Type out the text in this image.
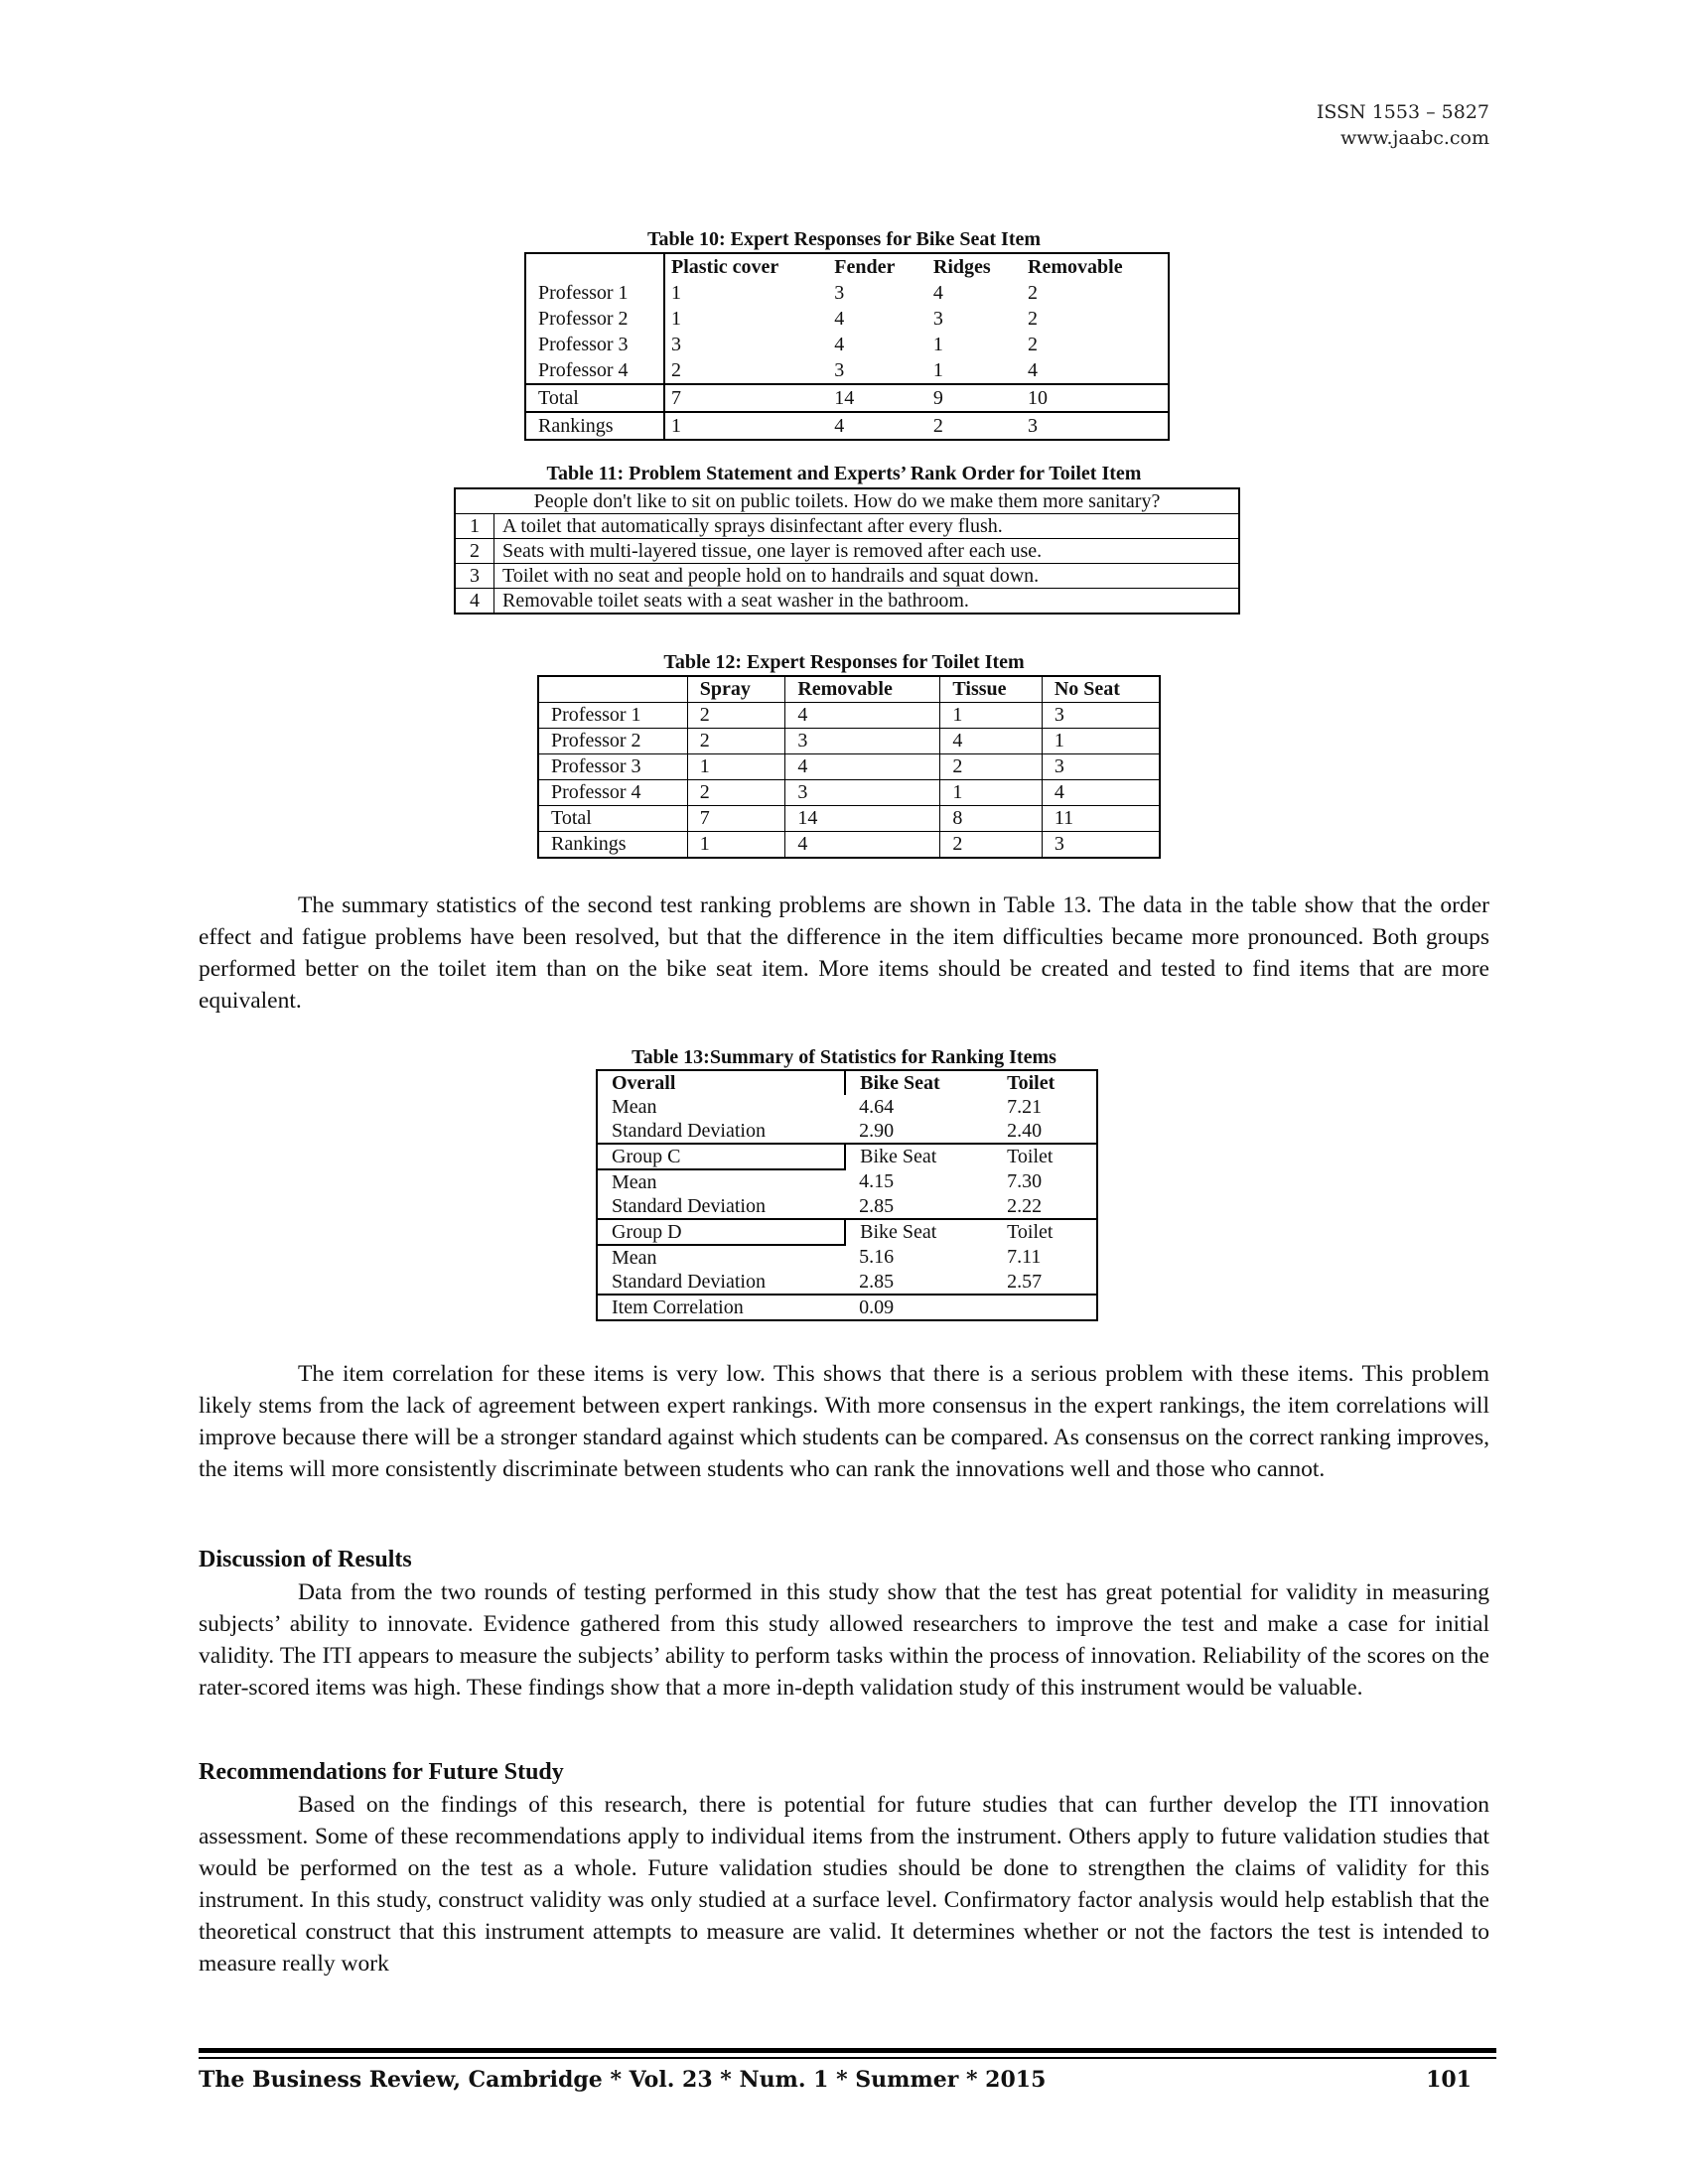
ISSN 1553 – 5827
www.jaabc.com
Table 10: Expert Responses for Bike Seat Item
	Plastic cover	Fender	Ridges	Removable
Professor 1	1	3	4	2
Professor 2	1	4	3	2
Professor 3	3	4	1	2
Professor 4	2	3	1	4
Total	7	14	9	10
Rankings	1	4	2	3
Table 11: Problem Statement and Experts’ Rank Order for Toilet Item
People don't like to sit on public toilets. How do we make them more sanitary?	
1	A toilet that automatically sprays disinfectant after every flush.
2	Seats with multi-layered tissue, one layer is removed after each use.
3	Toilet with no seat and people hold on to handrails and squat down.
4	Removable toilet seats with a seat washer in the bathroom.
Table 12: Expert Responses for Toilet Item
	Spray	Removable	Tissue	No Seat
Professor 1	2	4	1	3
Professor 2	2	3	4	1
Professor 3	1	4	2	3
Professor 4	2	3	1	4
Total	7	14	8	11
Rankings	1	4	2	3

The summary statistics of the second test ranking problems are shown in Table 13. The data in the table show that the order effect and fatigue problems have been resolved, but that the difference in the item difficulties became more pronounced. Both groups performed better on the toilet item than on the bike seat item. More items should be created and tested to find items that are more equivalent.

Table 13:Summary of Statistics for Ranking Items
Overall	Bike Seat	Toilet
Mean	4.64	7.21
Standard Deviation	2.90	2.40
Group C	Bike Seat	Toilet
Mean	4.15	7.30
Standard Deviation	2.85	2.22
Group D	Bike Seat	Toilet
Mean	5.16	7.11
Standard Deviation	2.85	2.57
Item Correlation	0.09	

The item correlation for these items is very low. This shows that there is a serious problem with these items. This problem likely stems from the lack of agreement between expert rankings. With more consensus in the expert rankings, the item correlations will improve because there will be a stronger standard against which students can be compared. As consensus on the correct ranking improves, the items will more consistently discriminate between students who can rank the innovations well and those who cannot.

Discussion of Results

Data from the two rounds of testing performed in this study show that the test has great potential for validity in measuring subjects’ ability to innovate. Evidence gathered from this study allowed researchers to improve the test and make a case for initial validity. The ITI appears to measure the subjects’ ability to perform tasks within the process of innovation. Reliability of the scores on the rater-scored items was high. These findings show that a more in-depth validation study of this instrument would be valuable.

Recommendations for Future Study

Based on the findings of this research, there is potential for future studies that can further develop the ITI innovation assessment. Some of these recommendations apply to individual items from the instrument. Others apply to future validation studies that would be performed on the test as a whole. Future validation studies should be done to strengthen the claims of validity for this instrument. In this study, construct validity was only studied at a surface level. Confirmatory factor analysis would help establish that the theoretical construct that this instrument attempts to measure are valid. It determines whether or not the factors the test is intended to measure really work

The Business Review, Cambridge * Vol. 23 * Num. 1 * Summer * 2015	101
